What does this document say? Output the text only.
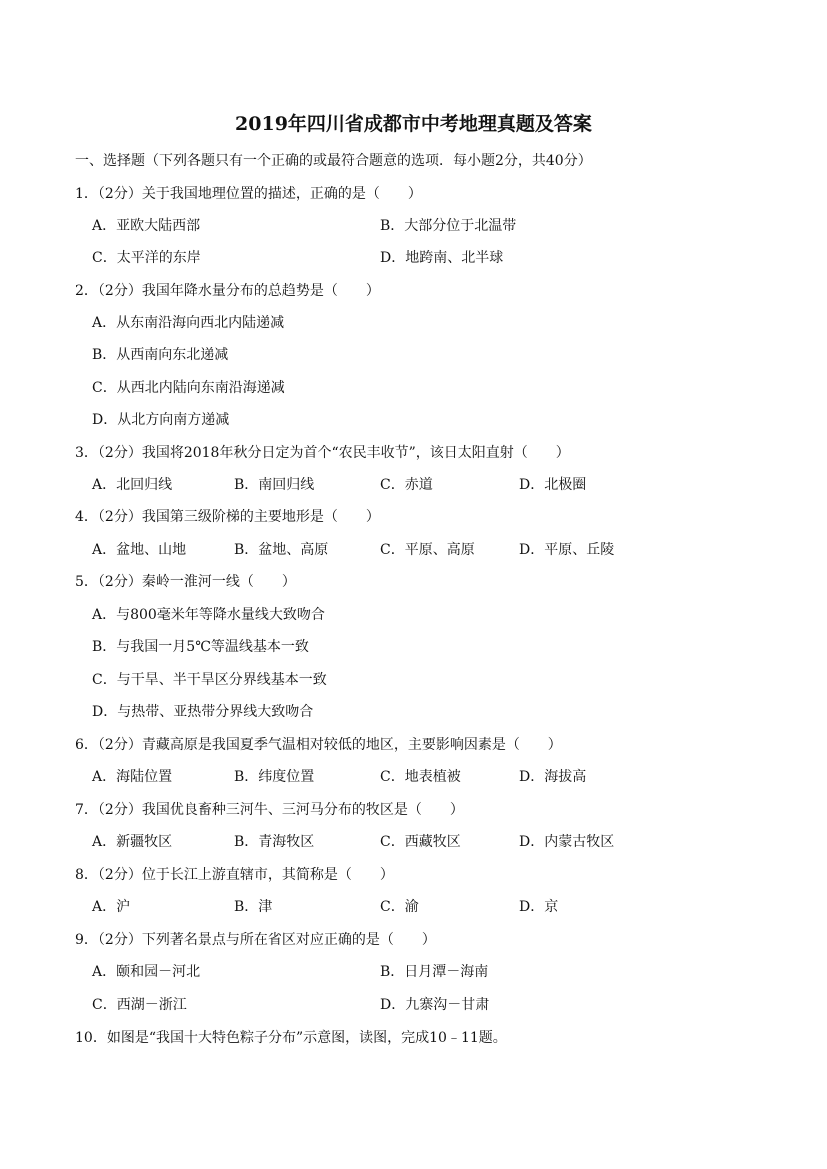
2019年四川省成都市中考地理真题及答案
一、选择题（下列各题只有一个正确的或最符合题意的选项．每小题2分，共40分）
1．（2分）关于我国地理位置的描述，正确的是（　　）
A．亚欧大陆西部	B．大部分位于北温带
C．太平洋的东岸	D．地跨南、北半球
2．（2分）我国年降水量分布的总趋势是（　　）
A．从东南沿海向西北内陆递减
B．从西南向东北递减
C．从西北内陆向东南沿海递减
D．从北方向南方递减
3．（2分）我国将2018年秋分日定为首个“农民丰收节”，该日太阳直射（　　）
A．北回归线	B．南回归线	C．赤道	D．北极圈
4．（2分）我国第三级阶梯的主要地形是（　　）
A．盆地、山地	B．盆地、高原	C．平原、高原	D．平原、丘陵
5．（2分）秦岭一淮河一线（　　）
A．与800毫米年等降水量线大致吻合
B．与我国一月5℃等温线基本一致
C．与干旱、半干旱区分界线基本一致
D．与热带、亚热带分界线大致吻合
6．（2分）青藏高原是我国夏季气温相对较低的地区，主要影响因素是（　　）
A．海陆位置	B．纬度位置	C．地表植被	D．海拔高
7．（2分）我国优良畜种三河牛、三河马分布的牧区是（　　）
A．新疆牧区	B．青海牧区	C．西藏牧区	D．内蒙古牧区
8．（2分）位于长江上游直辖市，其简称是（　　）
A．沪	B．津	C．渝	D．京
9．（2分）下列著名景点与所在省区对应正确的是（　　）
A．颐和园－河北	B．日月潭－海南
C．西湖－浙江	D．九寨沟－甘肃
10．如图是“我国十大特色粽子分布”示意图，读图，完成10﹣11题。
